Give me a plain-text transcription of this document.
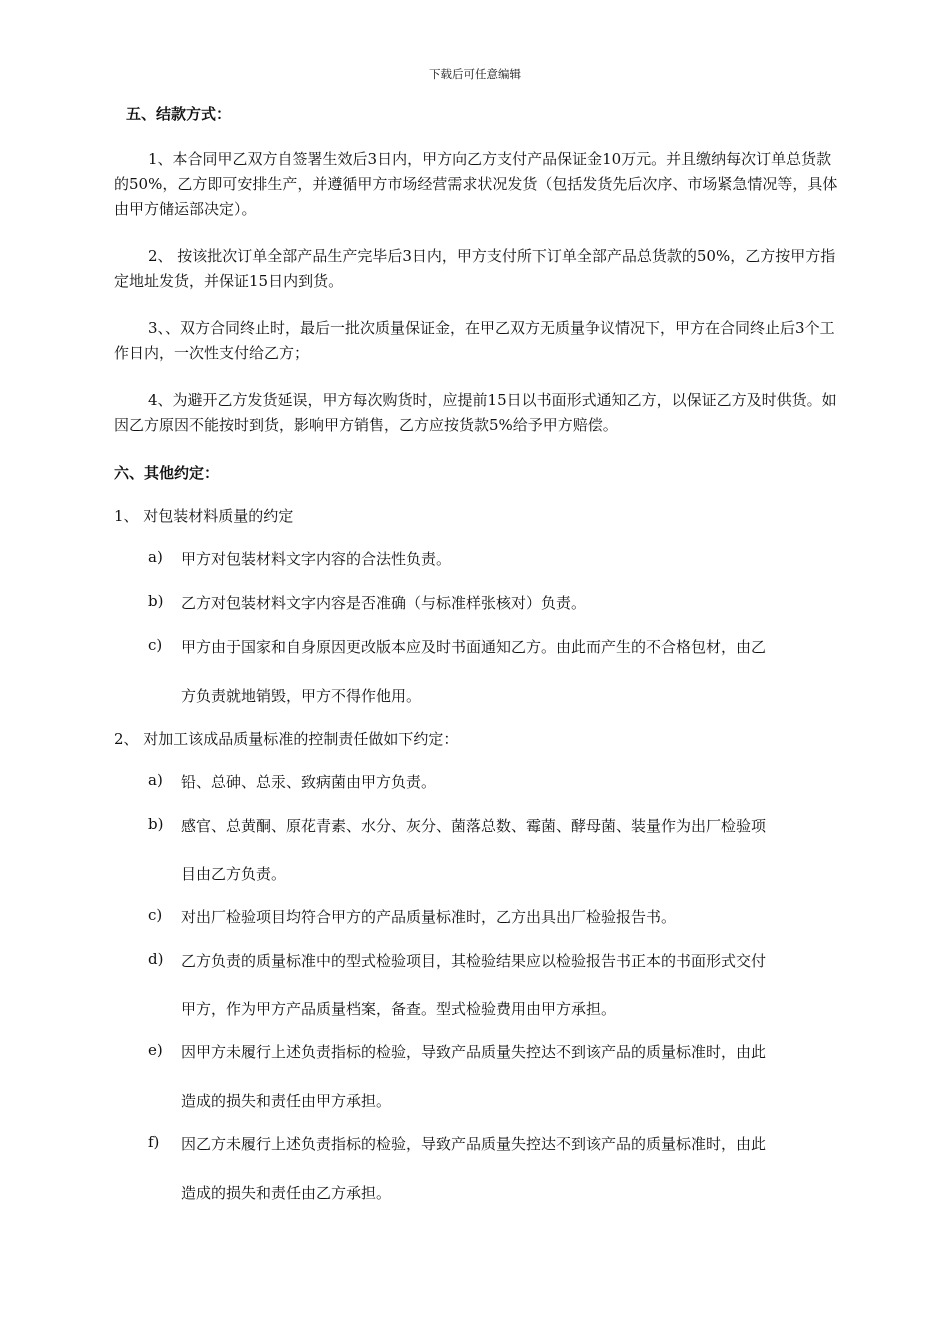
下载后可任意编辑
五、结款方式：
1、本合同甲乙双方自签署生效后3日内，甲方向乙方支付产品保证金10万元。并且缴纳每次订单总货款的50%，乙方即可安排生产，并遵循甲方市场经营需求状况发货（包括发货先后次序、市场紧急情况等，具体由甲方储运部决定）。
2、 按该批次订单全部产品生产完毕后3日内，甲方支付所下订单全部产品总货款的50%，乙方按甲方指定地址发货，并保证15日内到货。
3、、双方合同终止时，最后一批次质量保证金，在甲乙双方无质量争议情况下，甲方在合同终止后3个工作日内，一次性支付给乙方；
4、为避开乙方发货延误，甲方每次购货时，应提前15日以书面形式通知乙方，以保证乙方及时供货。如因乙方原因不能按时到货，影响甲方销售，乙方应按货款5%给予甲方赔偿。
六、其他约定：
1、 对包装材料质量的约定
a) 甲方对包装材料文字内容的合法性负责。
b) 乙方对包装材料文字内容是否准确（与标准样张核对）负责。
c) 甲方由于国家和自身原因更改版本应及时书面通知乙方。由此而产生的不合格包材，由乙
方负责就地销毁，甲方不得作他用。
2、 对加工该成品质量标准的控制责任做如下约定：
a) 铅、总砷、总汞、致病菌由甲方负责。
b) 感官、总黄酮、原花青素、水分、灰分、菌落总数、霉菌、酵母菌、装量作为出厂检验项
目由乙方负责。
c) 对出厂检验项目均符合甲方的产品质量标准时，乙方出具出厂检验报告书。
d) 乙方负责的质量标准中的型式检验项目，其检验结果应以检验报告书正本的书面形式交付
甲方，作为甲方产品质量档案，备查。型式检验费用由甲方承担。
e) 因甲方未履行上述负责指标的检验，导致产品质量失控达不到该产品的质量标准时，由此
造成的损失和责任由甲方承担。
f) 因乙方未履行上述负责指标的检验，导致产品质量失控达不到该产品的质量标准时，由此
造成的损失和责任由乙方承担。
